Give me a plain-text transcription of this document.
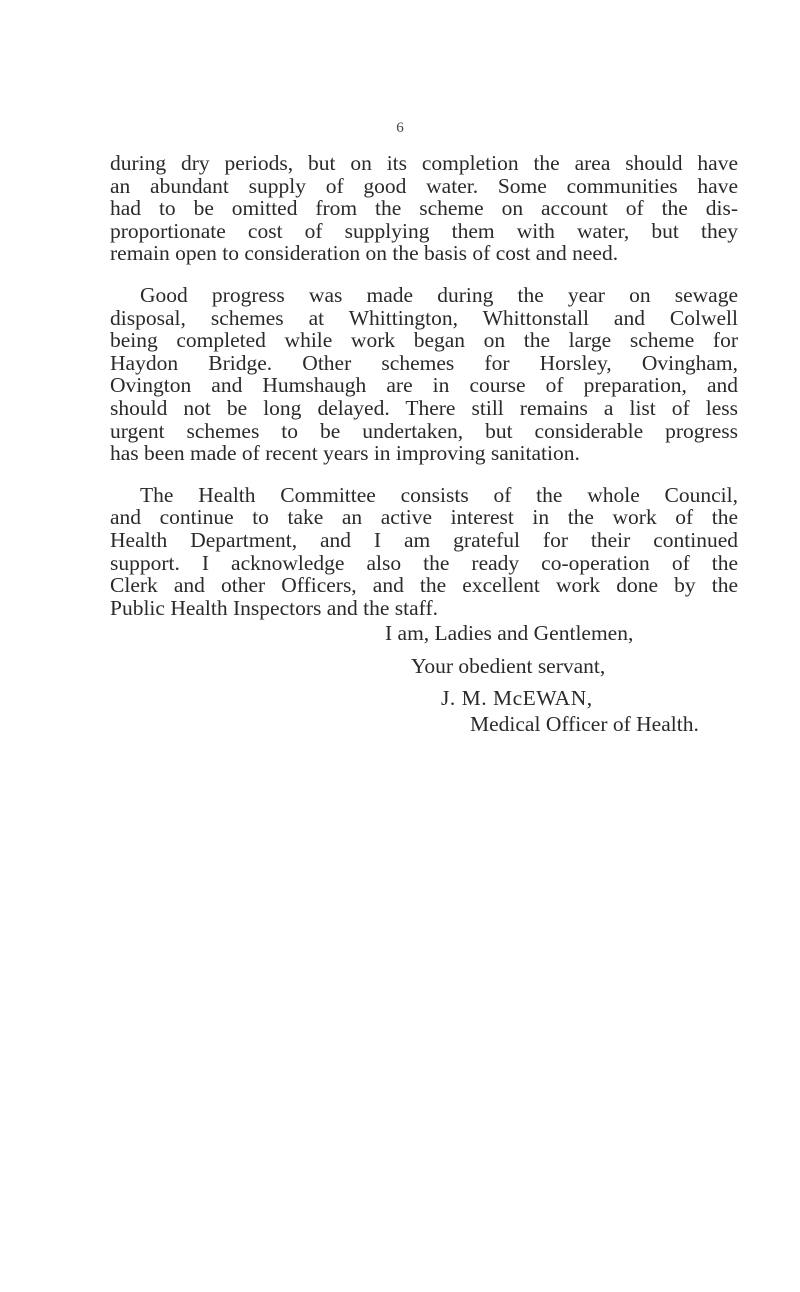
6
during dry periods, but on its completion the area should have
an abundant supply of good water. Some communities have
had to be omitted from the scheme on account of the dis-
proportionate cost of supplying them with water, but they
remain open to consideration on the basis of cost and need.
Good progress was made during the year on sewage
disposal, schemes at Whittington, Whittonstall and Colwell
being completed while work began on the large scheme for
Haydon Bridge. Other schemes for Horsley, Ovingham,
Ovington and Humshaugh are in course of preparation, and
should not be long delayed. There still remains a list of less
urgent schemes to be undertaken, but considerable progress
has been made of recent years in improving sanitation.
The Health Committee consists of the whole Council,
and continue to take an active interest in the work of the
Health Department, and I am grateful for their continued
support. I acknowledge also the ready co-operation of the
Clerk and other Officers, and the excellent work done by the
Public Health Inspectors and the staff.
I am, Ladies and Gentlemen,
Your obedient servant,
J. M. McEWAN,
Medical Officer of Health.
